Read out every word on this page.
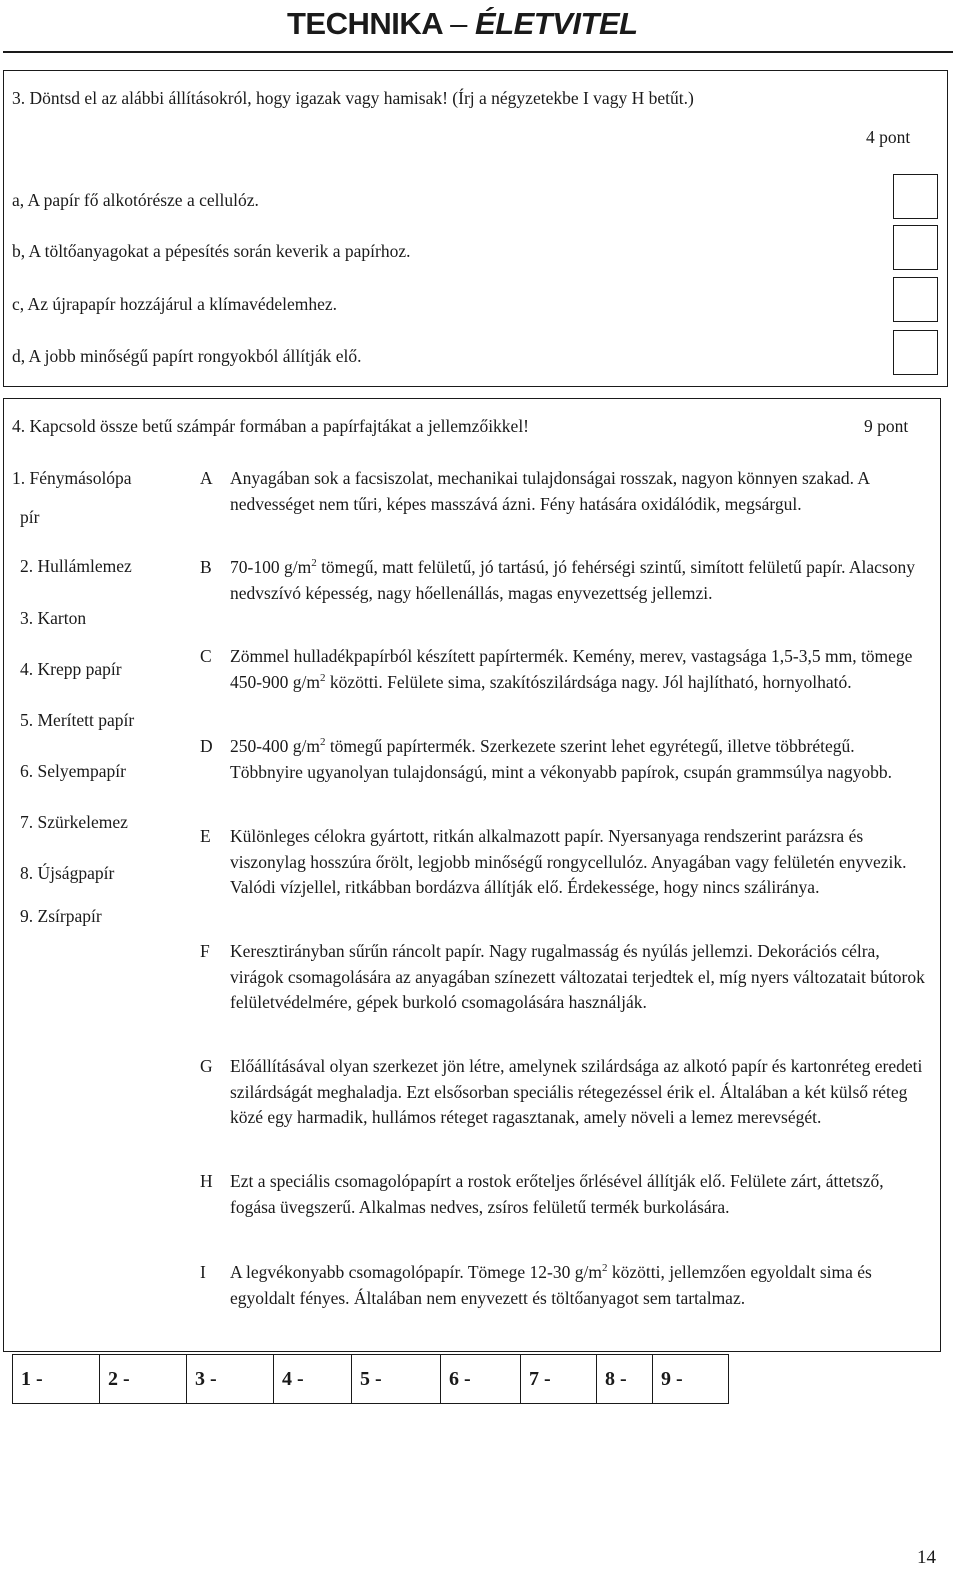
TECHNIKA – ÉLETVITEL
3. Döntsd el az alábbi állításokról, hogy igazak vagy hamisak! (Írj a négyzetekbe I vagy H betűt.)
4 pont
a, A papír fő alkotórésze a cellulóz.
b, A töltőanyagokat a pépesítés során keverik a papírhoz.
c, Az újrapapír hozzájárul a klímavédelemhez.
d, A jobb minőségű papírt rongyokból állítják elő.
4. Kapcsold össze betű számpár formában a papírfajtákat a jellemzőikkel!	9 pont
1. Fénymásolópa
pír
2. Hullámlemez
3. Karton
4. Krepp papír
5. Merített papír
6. Selyempapír
7. Szürkelemez
8. Újságpapír
9. Zsírpapír
A Anyagában sok a facsiszolat, mechanikai tulajdonságai rosszak, nagyon könnyen szakad. A nedvességet nem tűri, képes masszává ázni. Fény hatására oxidálódik, megsárgul.
B	70-100 $g/m^2$ tömegű, matt felületű, jó tartású, jó fehérségi szintű, simított felületű papír. Alacsony nedvszívó képesség, nagy hőellenállás, magas enyvezettség jellemzi.
C	Zömmel hulladékpapírból készített papírtermék. Kemény, merev, vastagsága 1,5-3,5 mm, tömege 450-900 $g/m^2$ közötti. Felülete sima, szakítószilárdsága nagy. Jól hajlítható, hornyolható.
D 250-400 $g/m^2$ tömegű papírtermék. Szerkezete szerint lehet egyrétegű, illetve többrétegű. Többnyire ugyanolyan tulajdonságú, mint a vékonyabb papírok, csupán grammsúlya nagyobb.
E	Különleges célokra gyártott, ritkán alkalmazott papír. Nyersanyaga rendszerint parázsra és viszonylag hosszúra őrölt, legjobb minőségű rongycellulóz. Anyagában vagy felületén enyvezik. Valódi vízjellel, ritkábban bordázva állítják elő. Érdekessége, hogy nincs száliránya.
F	Keresztirányban sűrűn ráncolt papír. Nagy rugalmasság és nyúlás jellemzi. Dekorációs célra, virágok csomagolására az anyagában színezett változatai terjedtek el, míg nyers változatait bútorok felületvédelmére, gépek burkoló csomagolására használják.
G Előállításával olyan szerkezet jön létre, amelynek szilárdsága az alkotó papír és kartonréteg eredeti szilárdságát meghaladja. Ezt elsősorban speciális rétegezéssel érik el. Általában a két külső réteg közé egy harmadik, hullámos réteget ragasztanak, amely növeli a lemez merevségét.
H Ezt a speciális csomagolópapírt a rostok erőteljes őrlésével állítják elő. Felülete zárt, áttetsző, fogása üvegszerű. Alkalmas nedves, zsíros felületű termék burkolására.
I	A legvékonyabb csomagolópapír. Tömege 12-30 $g/m^2$ közötti, jellemzően egyoldalt sima és egyoldalt fényes. Általában nem enyvezett és töltőanyagot sem tartalmaz.
1 -	2 -	3 -	4 -	5 -	6 -	7 -	8 -	9 -
14
